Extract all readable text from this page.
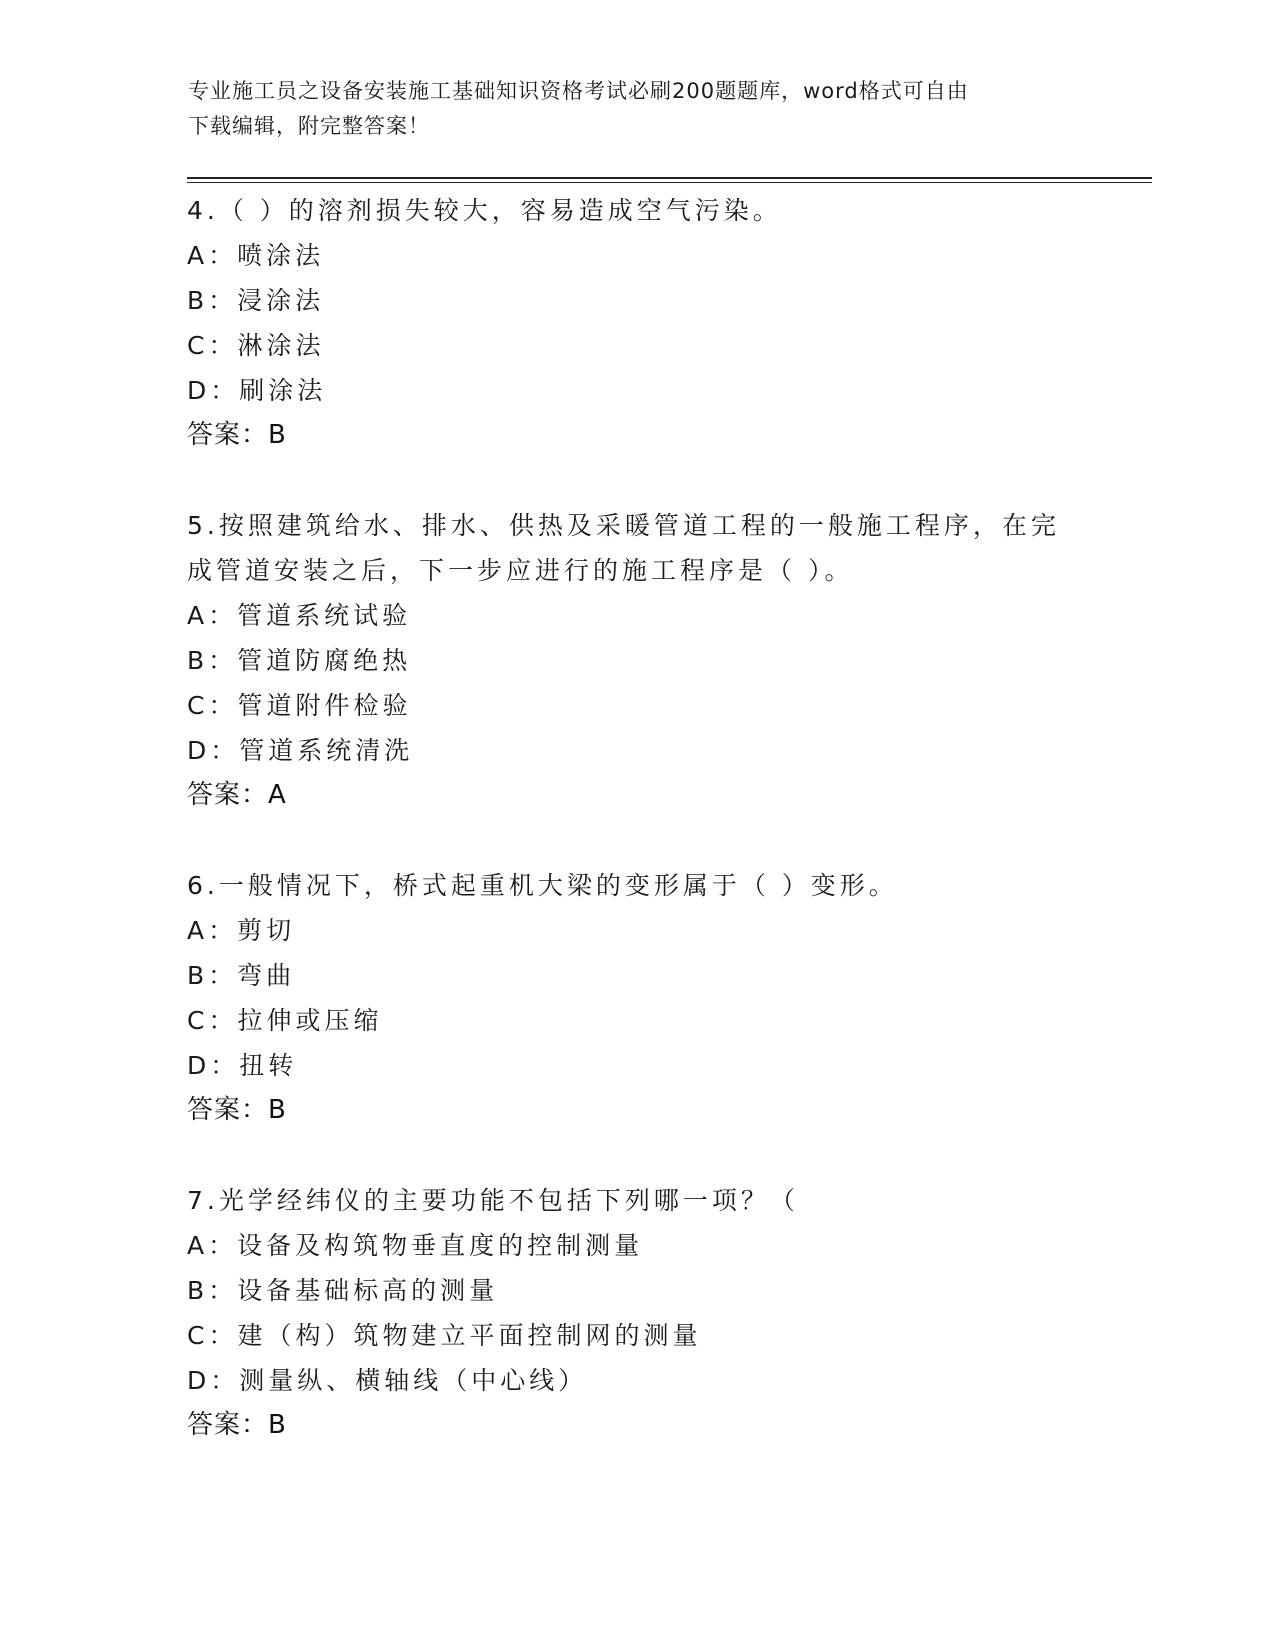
专业施工员之设备安装施工基础知识资格考试必刷200题题库，word格式可自由
下载编辑，附完整答案！
4.（ ）的溶剂损失较大，容易造成空气污染。
A：喷涂法
B：浸涂法
C：淋涂法
D：刷涂法
答案：B
5.按照建筑给水、排水、供热及采暖管道工程的一般施工程序，在完
成管道安装之后，下一步应进行的施工程序是（ ）。
A：管道系统试验
B：管道防腐绝热
C：管道附件检验
D：管道系统清洗
答案：A
6.一般情况下，桥式起重机大梁的变形属于（ ）变形。
A：剪切
B：弯曲
C：拉伸或压缩
D：扭转
答案：B
7.光学经纬仪的主要功能不包括下列哪一项？（
A：设备及构筑物垂直度的控制测量
B：设备基础标高的测量
C：建（构）筑物建立平面控制网的测量
D：测量纵、横轴线（中心线）
答案：B
